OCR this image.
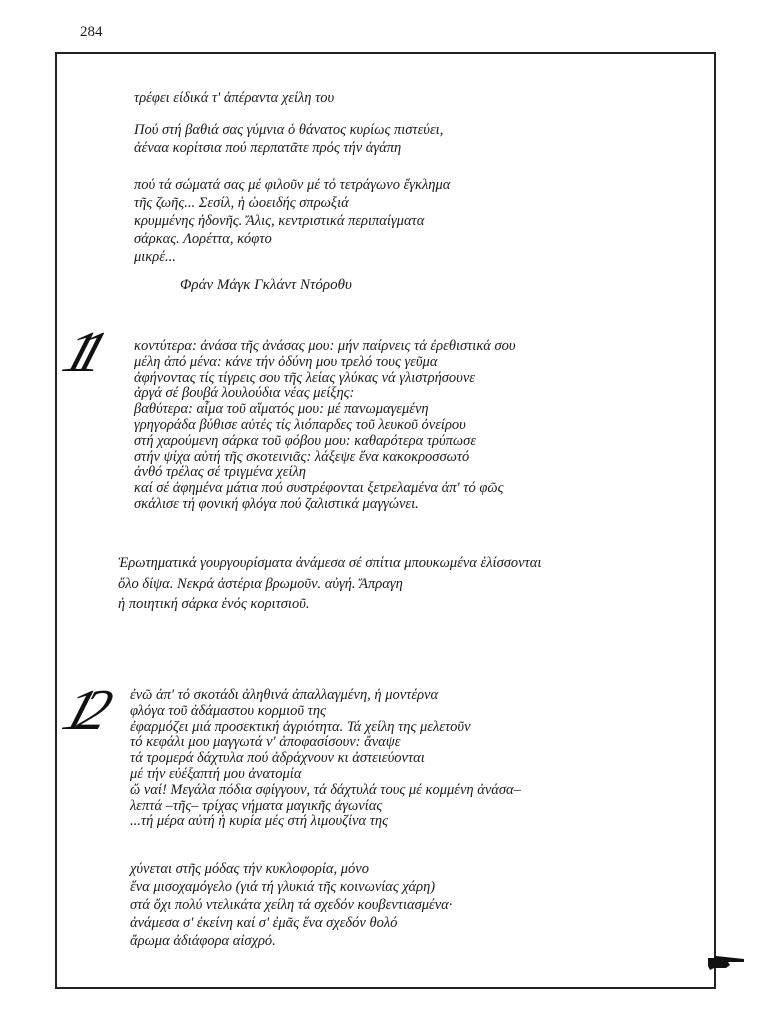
284
τρέφει είδικά τ' ἀπέραντα χείλη του
Πού στή βαθιά σας γύμνια ὁ θάνατος κυρίως πιστεύει,
ἀέναα κορίτσια πού περπατᾶτε πρός τήν ἀγάπη
πού τά σώματά σας μέ φιλοῦν μέ τό τετράγωνο ἔγκλημα
τῆς ζωῆς... Σεσίλ, ἡ ὠοειδής σπρωξιά
κρυμμένης ἡδονῆς. Ἄλις, κεντριστικά περιπαίγματα
σάρκας. Λορέττα, κόφτο
μικρέ...
Φράν Μάγκ Γκλάντ Ντόροθυ
11 κοντύτερα: ἀνάσα τῆς ἀνάσας μου: μήν παίρνεις τά ἐρεθιστικά σου
μέλη ἀπό μένα: κάνε τήν ὀδύνη μου τρελό τους γεῦμα
ἀφήνοντας τίς τίγρεις σου τῆς λείας γλύκας νά γλιστρήσουνε
ἀργά σέ βουβά λουλούδια νέας μείξης:
βαθύτερα: αἷμα τοῦ αἵματός μου: μέ πανωμαγεμένη
γρηγοράδα βύθισε αὐτές τίς λιόπαρδες τοῦ λευκοῦ ὀνείρου
στή χαρούμενη σάρκα τοῦ φόβου μου: καθαρότερα τρύπωσε
στήν ψίχα αὐτή τῆς σκοτεινιᾶς: λάξεψε ἕνα κακοκροσσωτό
ἀνθό τρέλας σέ τριγμένα χείλη
καί σέ ἀφημένα μάτια πού συστρέφονται ξετρελαμένα ἀπ' τό φῶς
σκάλισε τή φονική φλόγα πού ζαλιστικά μαγγώνει.
Ἐρωτηματικά γουργουρίσματα ἀνάμεσα σέ σπίτια μπουκωμένα ἑλίσσονται
ὅλο δίψα. Νεκρά ἀστέρια βρωμοῦν. αὐγή. Ἄπραγη
ἡ ποιητική σάρκα ἑνός κοριτσιοῦ.
12 ἐνῶ ἀπ' τό σκοτάδι ἀληθινά ἀπαλλαγμένη, ἡ μοντέρνα
φλόγα τοῦ ἀδάμαστου κορμιοῦ της
ἐφαρμόζει μιά προσεκτική ἀγριότητα. Τά χείλη της μελετοῦν
τό κεφάλι μου μαγγωτά ν' ἀποφασίσουν: ἄναψε
τά τρομερά δάχτυλα πού ἀδράχνουν κι ἀστειεύονται
μέ τήν εὐέξαπτή μου ἀνατομία
ὤ ναί! Μεγάλα πόδια σφίγγουν, τά δάχτυλά τους μέ κομμένη ἀνάσα–
λεπτά –τῆς– τρίχας νήματα μαγικῆς ἀγωνίας
...τή μέρα αὐτή ἡ κυρία μές στή λιμουζίνα της
χύνεται στῆς μόδας τήν κυκλοφορία, μόνο
ἕνα μισοχαμόγελο (γιά τή γλυκιά τῆς κοινωνίας χάρη)
στά ὄχι πολύ ντελικάτα χείλη τά σχεδόν κουβεντιασμένα·
ἀνάμεσα σ' ἐκείνη καί σ' ἐμᾶς ἕνα σχεδόν θολό
ἄρωμα ἀδιάφορα αἰσχρό.
